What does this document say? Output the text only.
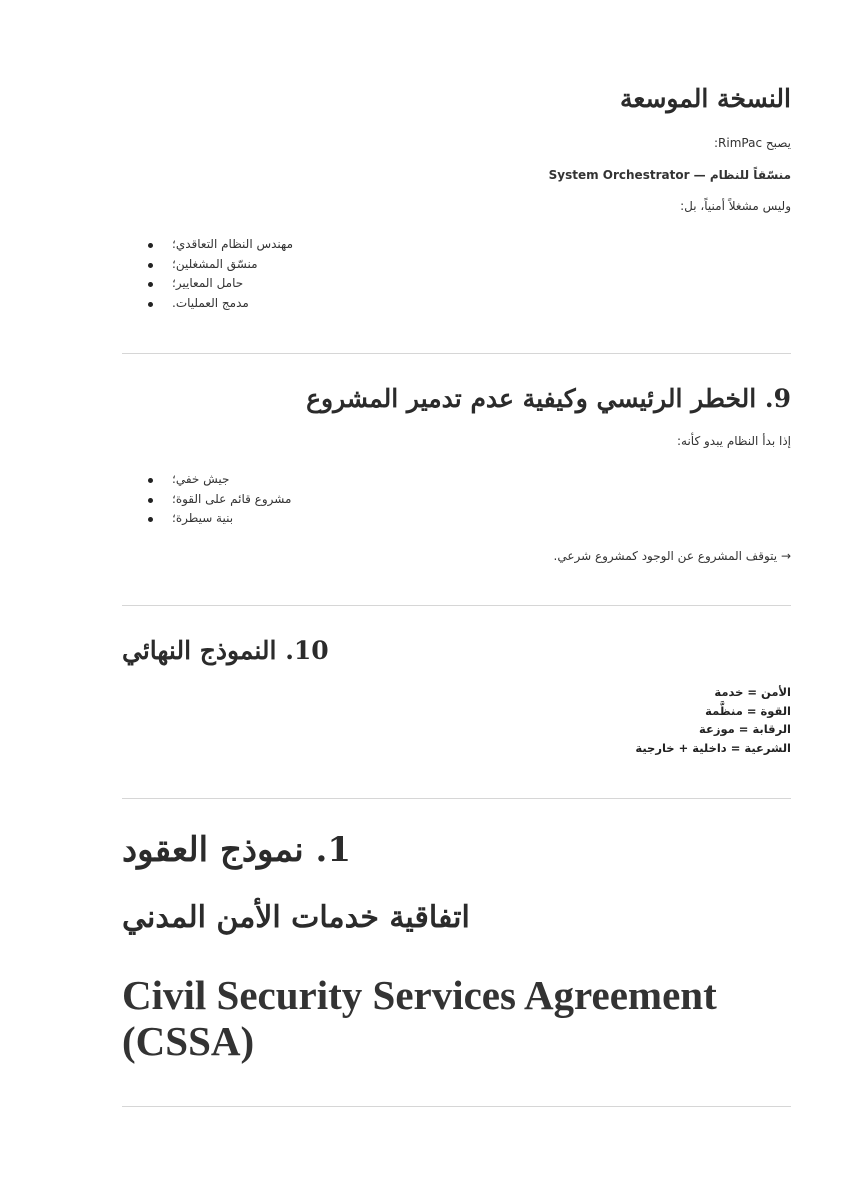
النسخة الموسعة
يصبح RimPac:
منسّقاً للنظام — System Orchestrator
وليس مشغلاً أمنياً، بل:
مهندس النظام التعاقدي؛
منسّق المشغلين؛
حامل المعايير؛
مدمج العمليات.
9. الخطر الرئيسي وكيفية عدم تدمير المشروع
إذا بدأ النظام يبدو كأنه:
جيش خفي؛
مشروع قائم على القوة؛
بنية سيطرة؛
→ يتوقف المشروع عن الوجود كمشروع شرعي.
10. النموذج النهائي
الأمن = خدمة
القوة = منظَّمة
الرقابة = موزعة
الشرعية = داخلية + خارجية
1. نموذج العقود
اتفاقية خدمات الأمن المدني
Civil Security Services Agreement (CSSA)
